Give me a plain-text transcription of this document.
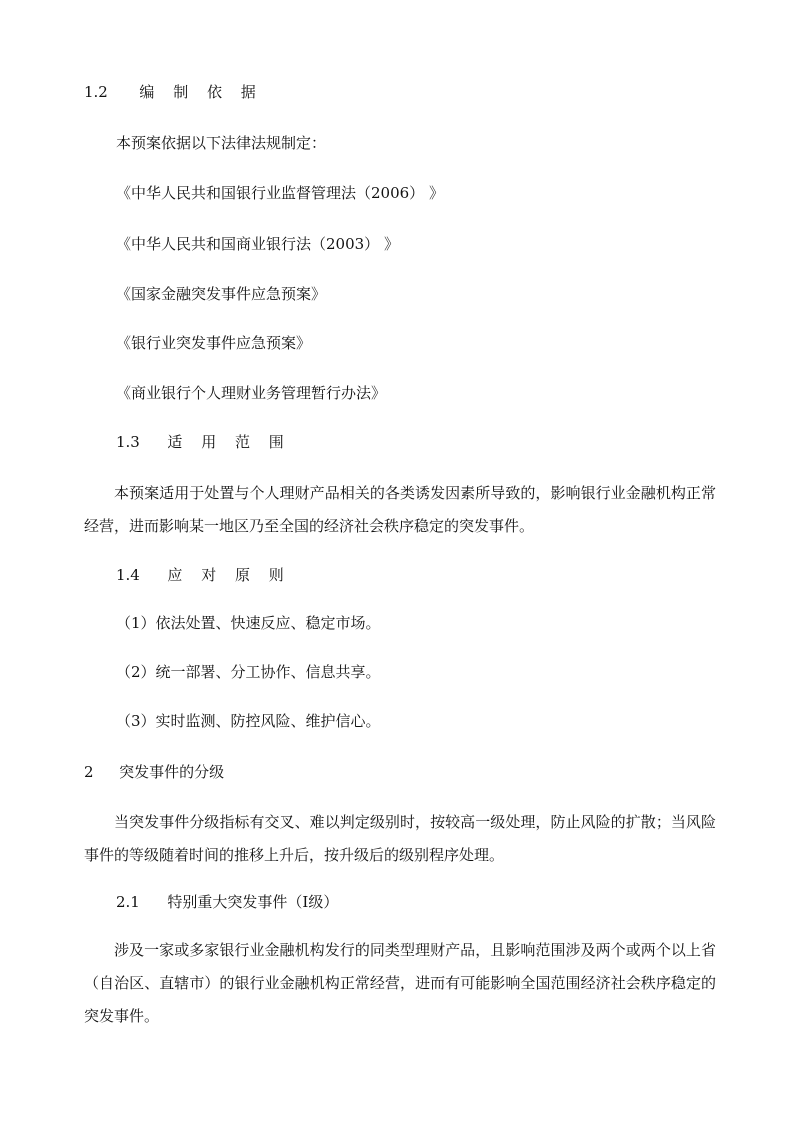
1.2 编 制 依 据
本预案依据以下法律法规制定：
《中华人民共和国银行业监督管理法（2006） 》
《中华人民共和国商业银行法（2003） 》
《国家金融突发事件应急预案》
《银行业突发事件应急预案》
《商业银行个人理财业务管理暂行办法》
1.3 适 用 范 围
本预案适用于处置与个人理财产品相关的各类诱发因素所导致的，影响银行业金融机构正常经营，进而影响某一地区乃至全国的经济社会秩序稳定的突发事件。
1.4 应 对 原 则
（1）依法处置、快速反应、稳定市场。
（2）统一部署、分工协作、信息共享。
（3）实时监测、防控风险、维护信心。
2 突发事件的分级
当突发事件分级指标有交叉、难以判定级别时，按较高一级处理，防止风险的扩散；当风险事件的等级随着时间的推移上升后，按升级后的级别程序处理。
2.1 特别重大突发事件（Ⅰ级）
涉及一家或多家银行业金融机构发行的同类型理财产品，且影响范围涉及两个或两个以上省（自治区、直辖市）的银行业金融机构正常经营，进而有可能影响全国范围经济社会秩序稳定的突发事件。
